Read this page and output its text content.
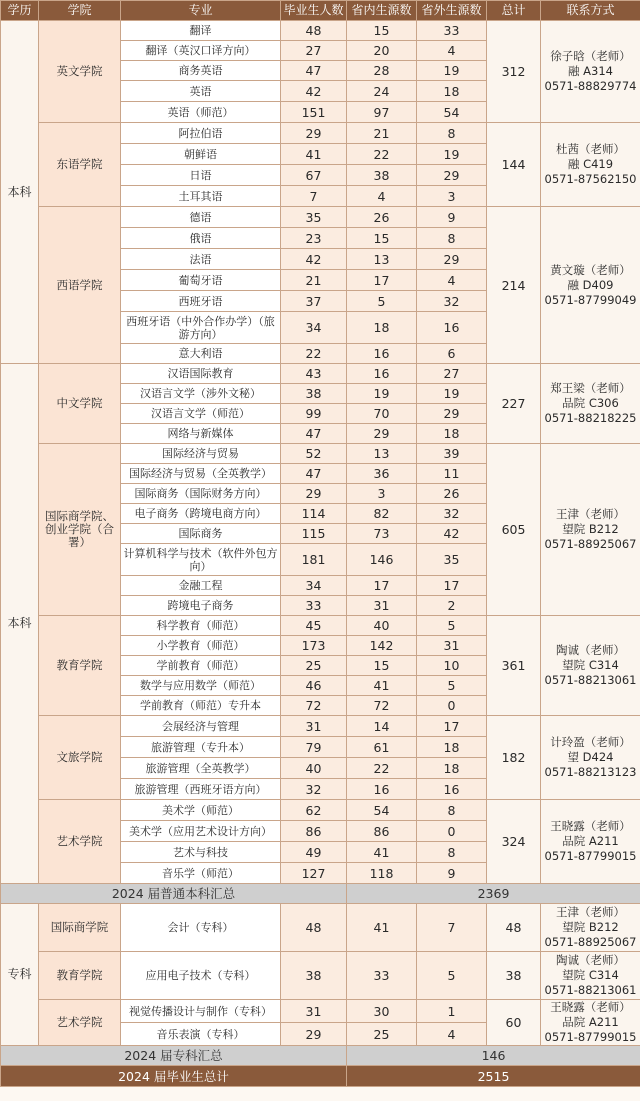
学历	学院	专业	毕业生人数	省内生源数	省外生源数	总计	联系方式
本科	英文学院	翻译	48	15	33	312	徐子晗（老师）
融 A314
0571-88829774

		翻译（英汉口译方向）	27	20	4		
		商务英语	47	28	19		
		英语	42	24	18		
		英语（师范）	151	97	54		
	东语学院	阿拉伯语	29	21	8	144	杜茜（老师）
融 C419
0571-87562150

		朝鲜语	41	22	19		
		日语	67	38	29		
		土耳其语	7	4	3		
	西语学院	德语	35	26	9	214	黄文璇（老师）
融 D409
0571-87799049

		俄语	23	15	8		
		法语	42	13	29		
		葡萄牙语	21	17	4		
		西班牙语	37	5	32		
		西班牙语（中外合作办学）（旅游方向）	34	18	16		
		意大利语	22	16	6		
本科	中文学院	汉语国际教育	43	16	27	227	郑王梁（老师）
品院 C306
0571-88218225

		汉语言文学（涉外文秘）	38	19	19		
		汉语言文学（师范）	99	70	29		
		网络与新媒体	47	29	18		
	国际商学院、创业学院（合署）	国际经济与贸易	52	13	39	605	王津（老师）
望院 B212
0571-88925067

		国际经济与贸易（全英教学）	47	36	11		
		国际商务（国际财务方向）	29	3	26		
		电子商务（跨境电商方向）	114	82	32		
		国际商务	115	73	42		
		计算机科学与技术（软件外包方向）	181	146	35		
		金融工程	34	17	17		
		跨境电子商务	33	31	2		
	教育学院	科学教育（师范）	45	40	5	361	陶诚（老师）
望院 C314
0571-88213061

		小学教育（师范）	173	142	31		
		学前教育（师范）	25	15	10		
		数学与应用数学（师范）	46	41	5		
		学前教育（师范）专升本	72	72	0		
	文旅学院	会展经济与管理	31	14	17	182	计玲盈（老师）
望 D424
0571-88213123

		旅游管理（专升本）	79	61	18		
		旅游管理（全英教学）	40	22	18		
		旅游管理（西班牙语方向）	32	16	16		
	艺术学院	美术学（师范）	62	54	8	324	王晓露（老师）
品院 A211
0571-87799015

		美术学（应用艺术设计方向）	86	86	0		
		艺术与科技	49	41	8		
		音乐学（师范）	127	118	9		
2024 届普通本科汇总				2369			
专科	国际商学院	会计（专科）	48	41	7	48	王津（老师）
望院 B212
0571-88925067

	教育学院	应用电子技术（专科）	38	33	5	38	陶诚（老师）
望院 C314
0571-88213061

	艺术学院	视觉传播设计与制作（专科）	31	30	1	60	王晓露（老师）
品院 A211
0571-87799015

		音乐表演（专科）	29	25	4		
2024 届专科汇总				146			
2024 届毕业生总计				2515			
